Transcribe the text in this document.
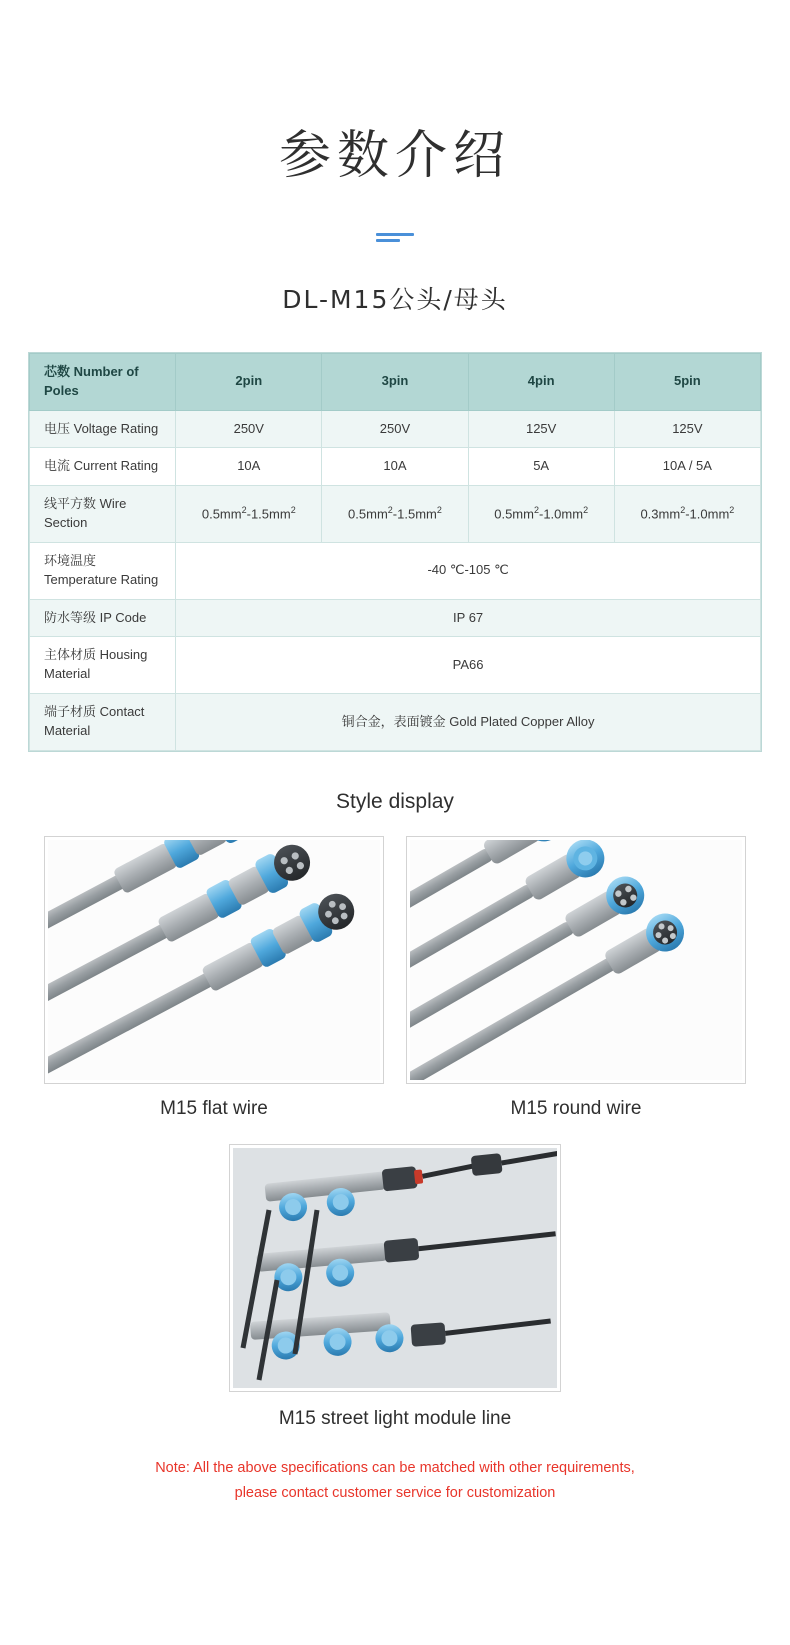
参数介绍
DL-M15公头/母头
芯数 Number of Poles	2pin	3pin	4pin	5pin
电压 Voltage Rating	250V	250V	125V	125V
电流 Current Rating	10A	10A	5A	10A / 5A
线平方数 Wire Section	$0.5mm^2-1.5mm^2$	$0.5mm^2-1.5mm^2$	$0.5mm^2-1.0mm^2$	$0.3mm^2-1.0mm^2$
环境温度 Temperature Rating	-40 ℃-105 ℃			
防水等级 IP Code	IP 67			
主体材质 Housing Material	PA66			
端子材质 Contact Material	铜合金，表面镀金 Gold Plated Copper Alloy			
Style display
M15 flat wire	M15 round wire
M15 street light module line
Note: All the above specifications can be matched with other requirements,
please contact customer service for customization
